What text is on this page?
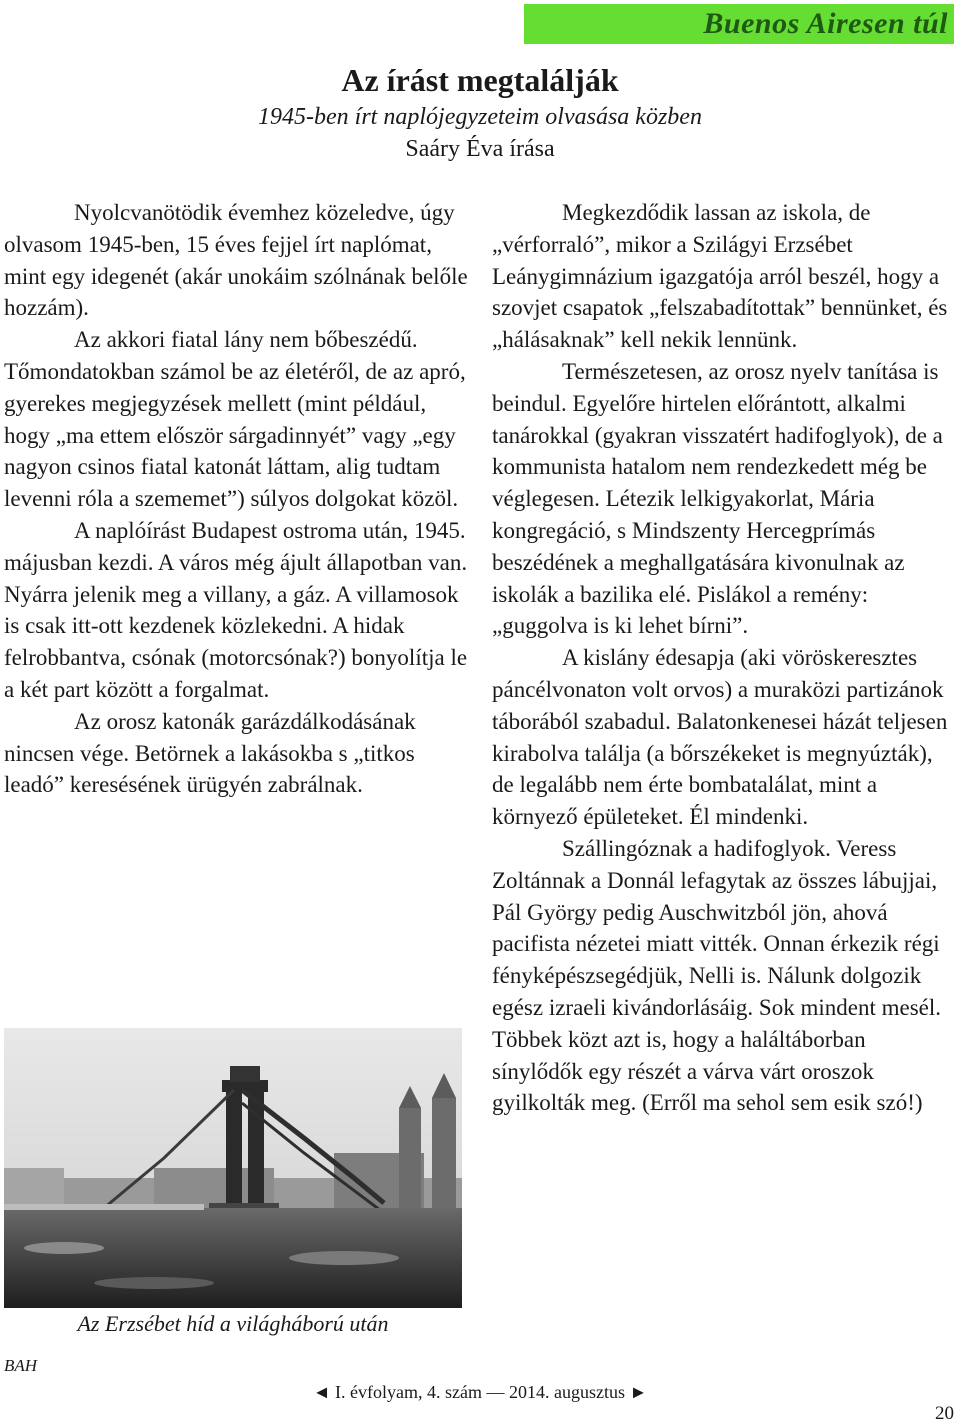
Buenos Airesen túl
Az írást megtalálják
1945-ben írt naplójegyzeteim olvasása közben
Saáry Éva írása

Nyolcvanötödik évemhez közeledve, úgy olvasom 1945-ben, 15 éves fejjel írt naplómat, mint egy idegenét (akár unokáim szólnának belőle hozzám).

Az akkori fiatal lány nem bőbeszédű. Tőmondatokban számol be az életéről, de az apró, gyerekes megjegyzések mellett (mint például, hogy „ma ettem először sárgadinnyét” vagy „egy nagyon csinos fiatal katonát láttam, alig tudtam levenni róla a szememet”) súlyos dolgokat közöl.

A naplóírást Budapest ostroma után, 1945. májusban kezdi. A város még ájult állapotban van. Nyárra jelenik meg a villany, a gáz. A villamosok is csak itt-ott kezdenek közlekedni. A hidak felrobbantva, csónak (motorcsónak?) bonyolítja le a két part között a forgalmat.

Az orosz katonák garázdálkodásának nincsen vége. Betörnek a lakásokba s „titkos leadó” keresésének ürügyén zabrálnak.

Az Erzsébet híd a világháború után

Megkezdődik lassan az iskola, de „vérforraló”, mikor a Szilágyi Erzsébet Leánygimnázium igazgatója arról beszél, hogy a szovjet csapatok „felszabadítottak” bennünket, és „hálásaknak” kell nekik lennünk.

Természetesen, az orosz nyelv tanítása is beindul. Egyelőre hirtelen előrántott, alkalmi tanárokkal (gyakran visszatért hadifoglyok), de a kommunista hatalom nem rendezkedett még be véglegesen. Létezik lelkigyakorlat, Mária kongregáció, s Mindszenty Hercegprímás beszédének a meghallgatására kivonulnak az iskolák a bazilika elé. Pislákol a remény: „guggolva is ki lehet bírni”.

A kislány édesapja (aki vöröskeresztes páncélvonaton volt orvos) a muraközi partizánok táborából szabadul. Balatonkenesei házát teljesen kirabolva találja (a bőrszékeket is megnyúzták), de legalább nem érte bombatalálat, mint a környező épületeket. Él mindenki.

Szállingóznak a hadifoglyok. Veress Zoltánnak a Donnál lefagytak az összes lábujjai, Pál György pedig Auschwitzból jön, ahová pacifista nézetei miatt vitték. Onnan érkezik régi fényképészsegédjük, Nelli is. Nálunk dolgozik egész izraeli kivándorlásáig. Sok mindent mesél. Többek közt azt is, hogy a haláltáborban sínylődők egy részét a várva várt oroszok gyilkolták meg. (Erről ma sehol sem esik szó!)

BAH
◄ I. évfolyam, 4. szám — 2014. augusztus ►
20
